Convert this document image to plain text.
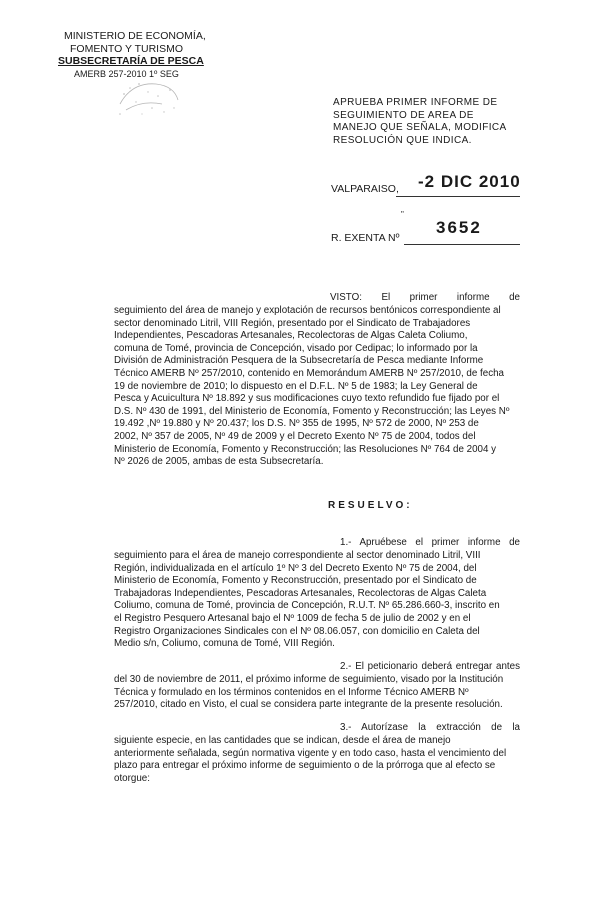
MINISTERIO DE ECONOMÍA,
FOMENTO Y TURISMO
SUBSECRETARÍA DE PESCA
AMERB 257-2010 1º SEG
APRUEBA PRIMER INFORME DE
SEGUIMIENTO DE AREA DE
MANEJO QUE SEÑALA, MODIFICA
RESOLUCIÓN QUE INDICA.
VALPARAISO, -2 DIC 2010
"
R. EXENTA Nº
3652
VISTO: El primer informe de
seguimiento del área de manejo y explotación de recursos bentónicos correspondiente al
sector denominado Litril, VIII Región, presentado por el Sindicato de Trabajadores
Independientes, Pescadoras Artesanales, Recolectoras de Algas Caleta Coliumo,
comuna de Tomé, provincia de Concepción, visado por Cedipac; lo informado por la
División de Administración Pesquera de la Subsecretaría de Pesca mediante Informe
Técnico AMERB Nº 257/2010, contenido en Memorándum AMERB Nº 257/2010, de fecha
19 de noviembre de 2010; lo dispuesto en el D.F.L. Nº 5 de 1983; la Ley General de
Pesca y Acuicultura Nº 18.892 y sus modificaciones cuyo texto refundido fue fijado por el
D.S. Nº 430 de 1991, del Ministerio de Economía, Fomento y Reconstrucción; las Leyes Nº
19.492 ,Nº 19.880 y Nº 20.437; los D.S. Nº 355 de 1995, Nº 572 de 2000, Nº 253 de
2002, Nº 357 de 2005, Nº 49 de 2009 y el Decreto Exento Nº 75 de 2004, todos del
Ministerio de Economía, Fomento y Reconstrucción; las Resoluciones Nº 764 de 2004 y
Nº 2026 de 2005, ambas de esta Subsecretaría.
RESUELVO:
1.- Apruébese el primer informe de
seguimiento para el área de manejo correspondiente al sector denominado Litril, VIII
Región, individualizada en el artículo 1º Nº 3 del Decreto Exento Nº 75 de 2004, del
Ministerio de Economía, Fomento y Reconstrucción, presentado por el Sindicato de
Trabajadoras Independientes, Pescadoras Artesanales, Recolectoras de Algas Caleta
Coliumo, comuna de Tomé, provincia de Concepción, R.U.T. Nº 65.286.660-3, inscrito en
el Registro Pesquero Artesanal bajo el Nº 1009 de fecha 5 de julio de 2002 y en el
Registro Organizaciones Sindicales con el Nº 08.06.057, con domicilio en Caleta del
Medio s/n, Coliumo, comuna de Tomé, VIII Región.
2.- El peticionario deberá entregar antes
del 30 de noviembre de 2011, el próximo informe de seguimiento, visado por la Institución
Técnica y formulado en los términos contenidos en el Informe Técnico AMERB Nº
257/2010, citado en Visto, el cual se considera parte integrante de la presente resolución.
3.- Autorízase la extracción de la
siguiente especie, en las cantidades que se indican, desde el área de manejo
anteriormente señalada, según normativa vigente y en todo caso, hasta el vencimiento del
plazo para entregar el próximo informe de seguimiento o de la prórroga que al efecto se
otorgue:
